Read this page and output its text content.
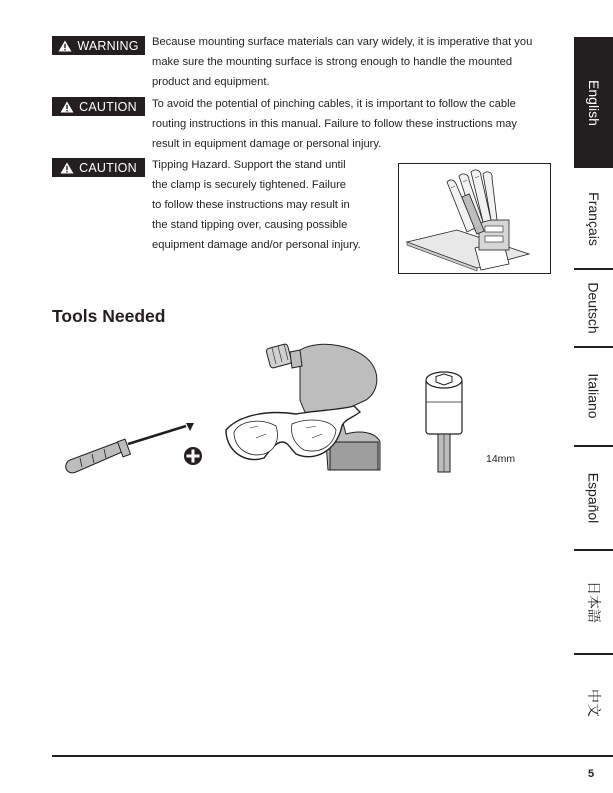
WARNING Because mounting surface materials can vary widely, it is imperative that you

make sure the mounting surface is strong enough to handle the mounted

product and equipment.

CAUTION To avoid the potential of pinching cables, it is important to follow the cable

routing instructions in this manual. Failure to follow these instructions may

result in equipment damage or personal injury.

CAUTION Tipping Hazard. Support the stand until

the clamp is securely tightened. Failure

to follow these instructions may result in

the stand tipping over, causing possible

equipment damage and/or personal injury.

Tools Needed
14mm
English
Français
Deutsch
Italiano
Español
日本語
中文
5
